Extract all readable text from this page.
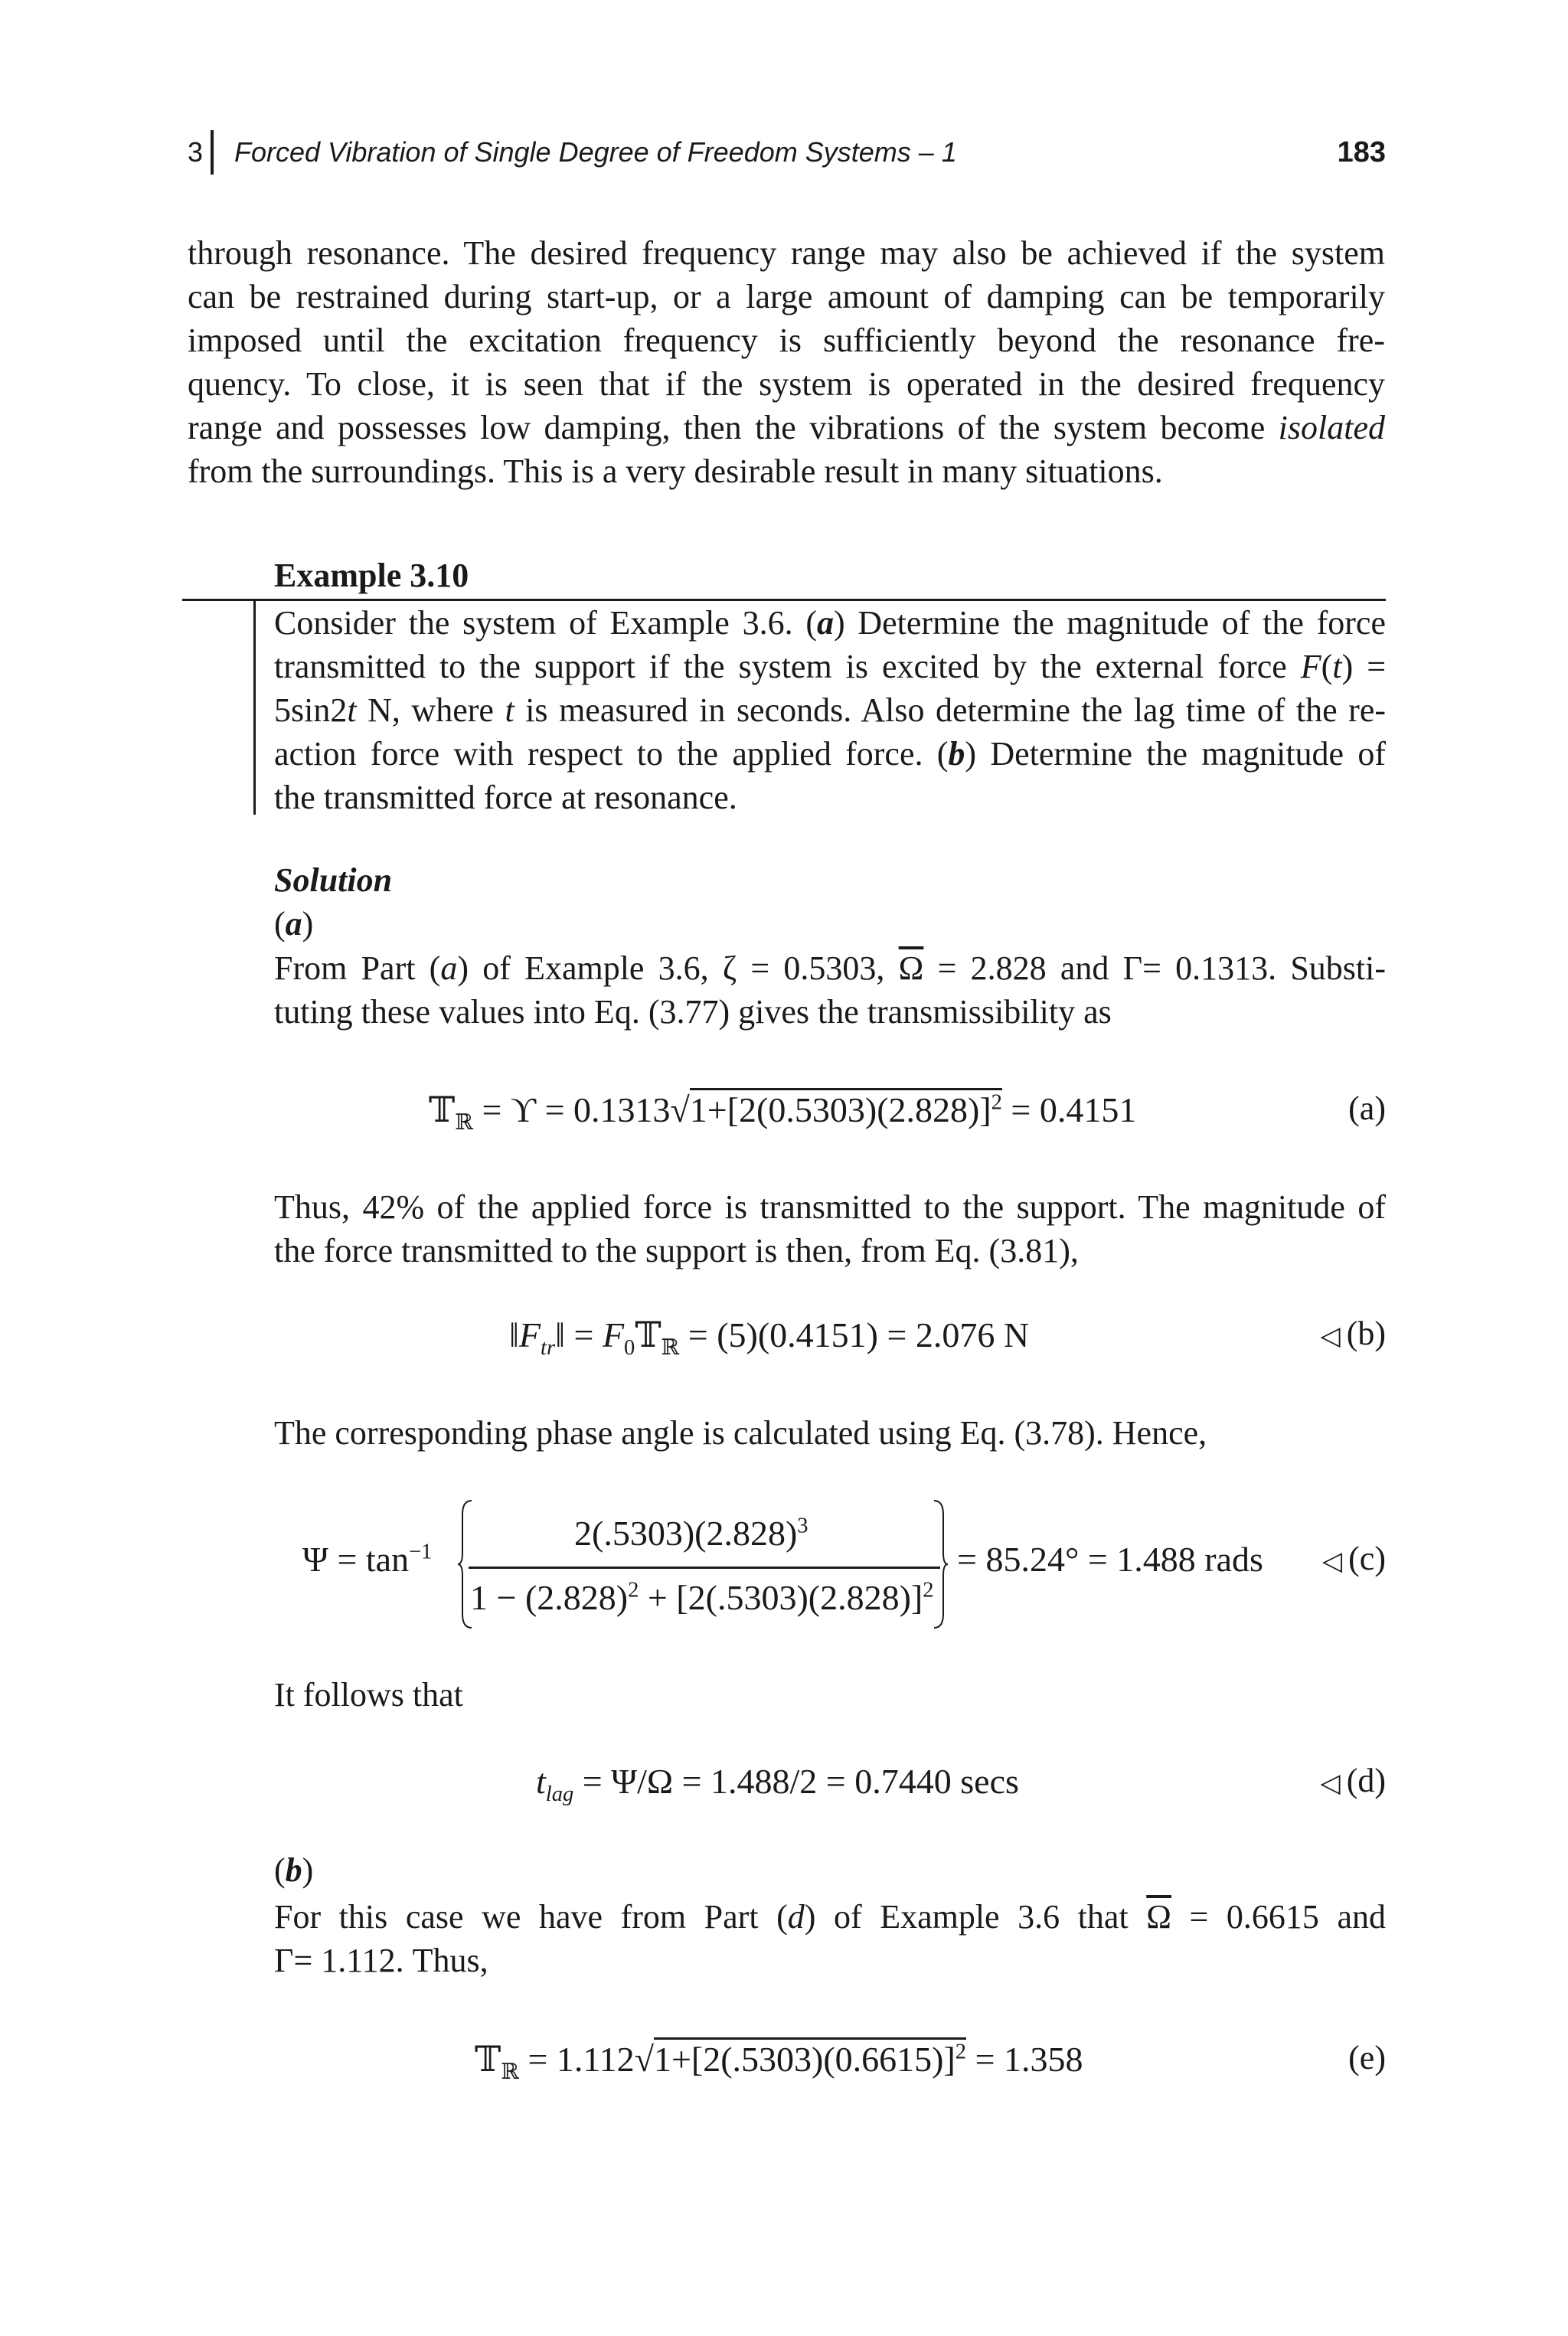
3 Forced Vibration of Single Degree of Freedom Systems – 1	183
through resonance. The desired frequency range may also be achieved if the system
can be restrained during start-up, or a large amount of damping can be temporarily
imposed until the excitation frequency is sufficiently beyond the resonance fre-
quency. To close, it is seen that if the system is operated in the desired frequency
range and possesses low damping, then the vibrations of the system become isolated
from the surroundings. This is a very desirable result in many situations.
Example 3.10
Consider the system of Example 3.6. (a) Determine the magnitude of the force
transmitted to the support if the system is excited by the external force F(t) =
5sin2t N, where t is measured in seconds. Also determine the lag time of the re-
action force with respect to the applied force. (b) Determine the magnitude of
the transmitted force at resonance.
Solution
(a)
From Part (a) of Example 3.6, ζ = 0.5303, $\overline{\Omega} = 2.828$ and Γ= 0.1313. Substi-
tuting these values into Eq. (3.77) gives the transmissibility as
𝕋$_ℝ$ = $ϒ = 0.1313√1+[2(0.5303)(2.828)]^2 = 0.4151$	(a)
Thus, 42% of the applied force is transmitted to the support. The magnitude of
the force transmitted to the support is then, from Eq. (3.81),
$‖F_{tr}‖$ = $F_0𝕋_ℝ = (5)(0.4151) = 2.076$ N	◁ (b)
The corresponding phase angle is calculated using Eq. (3.78). Hence,
$\Psi = \tan^{-1}$	$2(.5303)(2.828)^3$
$1 - (2.828)^2 + [2(.5303)(2.828)]^2$
= 85.24° = 1.488 rads ◁ (c)
It follows that
$t_{lag} = \Psi/\Omega = 1.488/2 = 0.7440$ secs	◁ (d)
(b)
For this case we have from Part (d) of Example 3.6 that $\overline{\Omega} = 0.6615$ and
Γ= 1.112. Thus,
𝕋$_ℝ$ = $1.112√1+[2(.5303)(0.6615)]^2 = 1.358$	(e)
